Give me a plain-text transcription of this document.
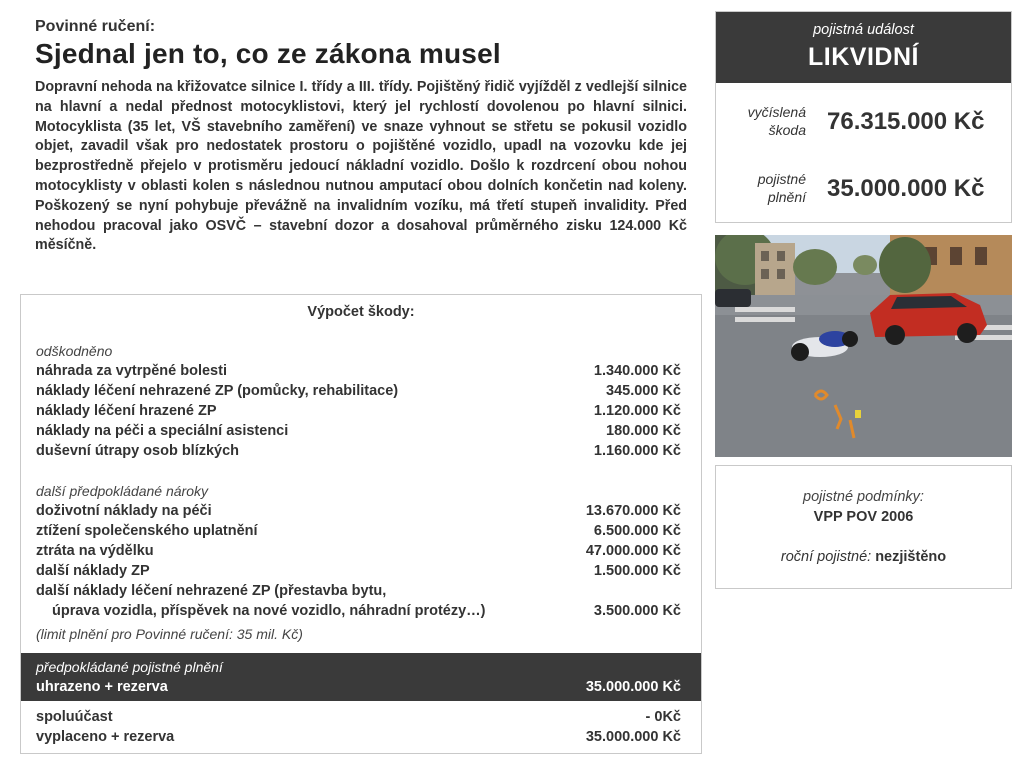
Povinné ručení:
Sjednal jen to, co ze zákona musel
Dopravní nehoda na křižovatce silnice I. třídy a III. třídy. Pojištěný řidič vyjížděl z vedlejší silnice na hlavní a nedal přednost motocyklistovi, který jel rychlostí dovolenou po hlavní silnici. Motocyklista (35 let, VŠ stavebního zaměření) ve snaze vyhnout se střetu se pokusil vozidlo objet, zavadil však pro nedostatek prostoru o pojištěné vozidlo, upadl na vozovku kde jej bezprostředně přejelo v protisměru jedoucí nákladní vozidlo. Došlo k rozdrcení obou nohou motocyklisty v oblasti kolen s následnou nutnou amputací obou dolních končetin nad koleny. Poškozený se nyní pohybuje převážně na invalidním vozíku, má třetí stupeň invalidity. Před nehodou pracoval jako OSVČ – stavební dozor a dosahoval průměrného zisku 124.000 Kč měsíčně.
Výpočet škody:
odškodněno
náhrada za vytrpěné bolesti	1.340.000 Kč
náklady léčení nehrazené ZP (pomůcky, rehabilitace)	345.000 Kč
náklady léčení hrazené ZP	1.120.000 Kč
náklady na péči a speciální asistenci	180.000 Kč
duševní útrapy osob blízkých	1.160.000 Kč
další předpokládané nároky
doživotní náklady na péči	13.670.000 Kč
ztížení společenského uplatnění	6.500.000 Kč
ztráta na výdělku	47.000.000 Kč
další náklady ZP	1.500.000 Kč
další náklady léčení nehrazené ZP (přestavba bytu,
úprava vozidla, příspěvek na nové vozidlo, náhradní protézy…)	3.500.000 Kč
(limit plnění pro Povinné ručení: 35 mil. Kč)
předpokládané pojistné plnění
uhrazeno + rezerva	35.000.000 Kč
spoluúčast	- 0Kč
vyplaceno + rezerva	35.000.000 Kč
pojistná událost
LIKVIDNÍ
vyčíslená
škoda 76.315.000 Kč
pojistné
plnění 35.000.000 Kč
pojistné podmínky:
VPP POV 2006
roční pojistné: nezjištěno
